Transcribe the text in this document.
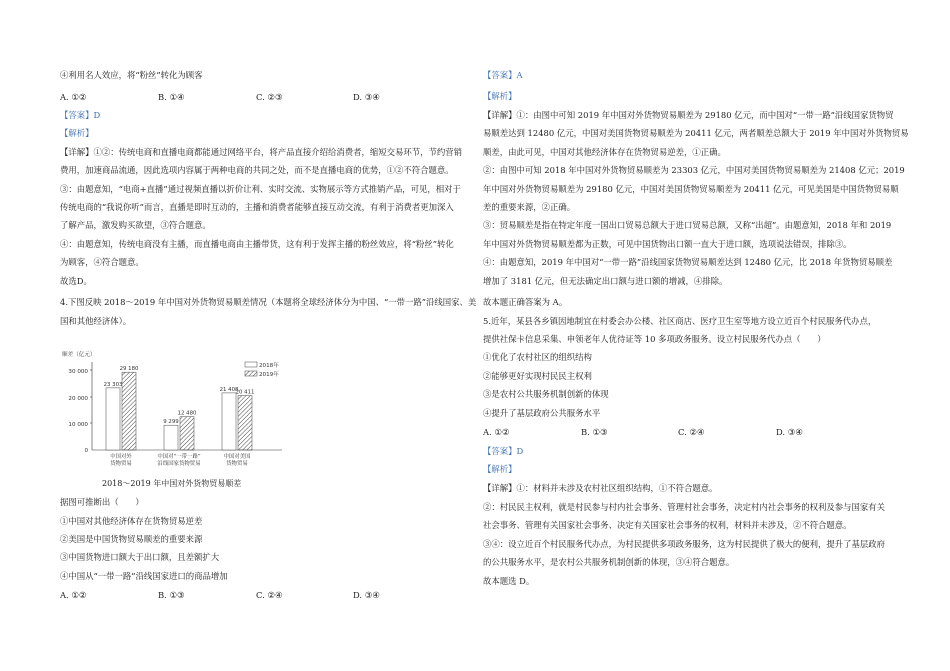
④利用名人效应，将“粉丝”转化为顾客
A. ①②	B. ①④	C. ②③	D. ③④
【答案】D
【解析】
【详解】①②：传统电商和直播电商都能通过网络平台，将产品直接介绍给消费者，缩短交易环节，节约营销
费用，加速商品流通，因此选项内容属于两种电商的共同之处，而不是直播电商的优势，①②不符合题意。
③：由题意知，“电商+直播”通过视频直播以折价让利、实时交流、实物展示等方式推销产品，可见，相对于
传统电商的“我说你听”而言，直播是即时互动的，主播和消费者能够直接互动交流，有利于消费者更加深入
了解产品，激发购买欲望，③符合题意。
④：由题意知，传统电商没有主播，而直播电商由主播带货，这有利于发挥主播的粉丝效应，将“粉丝”转化
为顾客，④符合题意。
故选D。
4.下图反映 2018～2019 年中国对外货物贸易顺差情况（本题将全球经济体分为中国、“一带一路”沿线国家、美
国和其他经济体）。
顺差（亿元）
30 000
20 000
10 000
0
23 303
29 180
中国对外
货物贸易
9 299
12 480
中国对“一带一路”
沿线国家货物贸易
21 408
20 411
中国对美国
货物贸易
2018年
2019年
2018～2019 年中国对外货物贸易顺差
据图可推断出（　　）
①中国对其他经济体存在货物贸易逆差
②美国是中国货物贸易顺差的重要来源
③中国货物进口额大于出口额，且差额扩大
④中国从“一带一路”沿线国家进口的商品增加
A. ①②	B. ①③	C. ②④	D. ③④
【答案】A
【解析】
【详解】①：由图中可知 2019 年中国对外货物贸易顺差为 29180 亿元，而中国对“一带一路”沿线国家货物贸
易顺差达到 12480 亿元，中国对美国货物贸易顺差为 20411 亿元，两者顺差总额大于 2019 年中国对外货物贸易
顺差，由此可见，中国对其他经济体存在货物贸易逆差，①正确。
②：由图中可知 2018 年中国对外货物贸易顺差为 23303 亿元，中国对美国货物贸易顺差为 21408 亿元；2019
年中国对外货物贸易顺差为 29180 亿元，中国对美国货物贸易顺差为 20411 亿元，可见美国是中国货物贸易顺
差的重要来源，②正确。
③：贸易顺差是指在特定年度一国出口贸易总额大于进口贸易总额，又称“出超”。由题意知，2018 年和 2019
年中国对外货物贸易顺差都为正数，可见中国货物出口额一直大于进口额，选项说法错误，排除③。
④：由题意知，2019 年中国对“一带一路”沿线国家货物贸易顺差达到 12480 亿元，比 2018 年货物贸易顺差
增加了 3181 亿元，但无法确定出口额与进口额的增减，④排除。
故本题正确答案为 A。
5.近年，某县各乡镇因地制宜在村委会办公楼、社区商店、医疗卫生室等地方设立近百个村民服务代办点，
提供社保卡信息采集、申领老年人优待证等 10 多项政务服务。设立村民服务代办点（　　）
①优化了农村社区的组织结构
②能够更好实现村民民主权利
③是农村公共服务机制创新的体现
④提升了基层政府公共服务水平
A. ①②	B. ①③	C. ②④	D. ③④
【答案】D
【解析】
【详解】①：材料并未涉及农村社区组织结构，①不符合题意。
②：村民民主权利，就是村民参与村内社会事务、管理村社会事务，决定村内社会事务的权利及参与国家有关
社会事务、管理有关国家社会事务、决定有关国家社会事务的权利，材料并未涉及，②不符合题意。
③④：设立近百个村民服务代办点，为村民提供多项政务服务，这为村民提供了极大的便利，提升了基层政府
的公共服务水平，是农村公共服务机制创新的体现，③④符合题意。
故本题选 D。
